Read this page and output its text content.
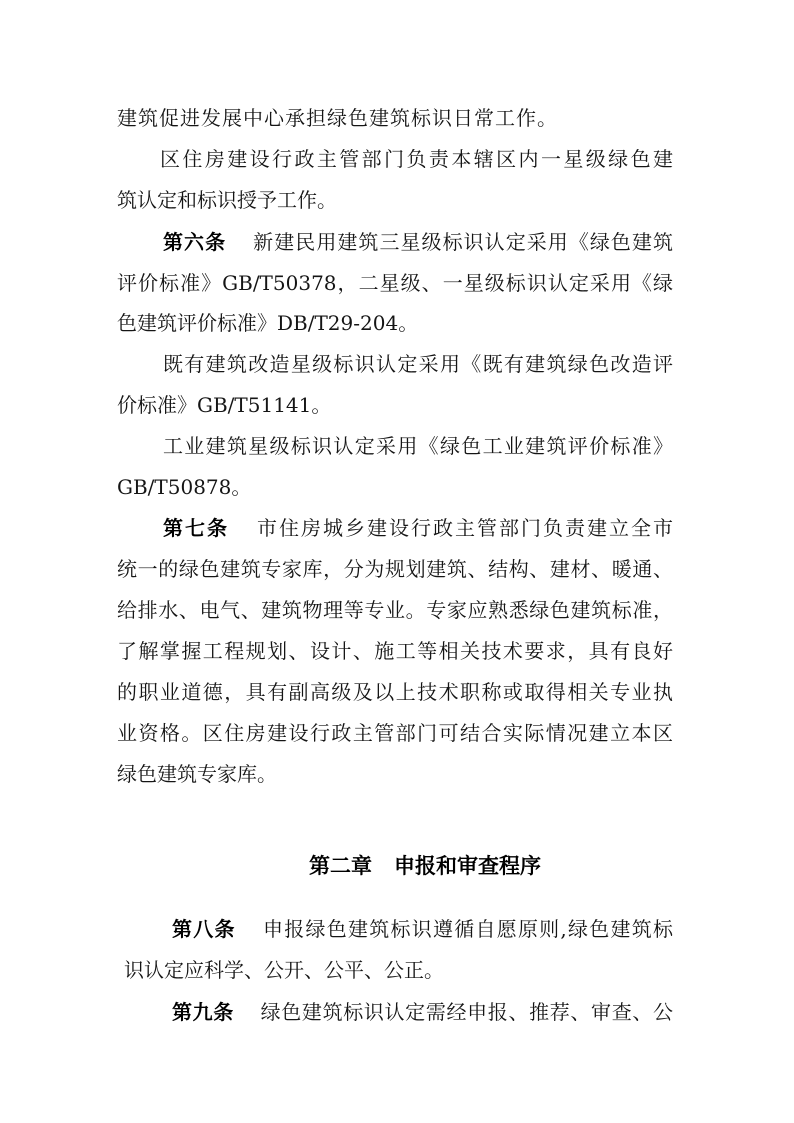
建筑促进发展中心承担绿色建筑标识日常工作。
区住房建设行政主管部门负责本辖区内一星级绿色建
筑认定和标识授予工作。
第六条 新建民用建筑三星级标识认定采用《绿色建筑
评价标准》GB/T50378，二星级、一星级标识认定采用《绿
色建筑评价标准》DB/T29-204。
既有建筑改造星级标识认定采用《既有建筑绿色改造评
价标准》GB/T51141。
工业建筑星级标识认定采用《绿色工业建筑评价标准》
GB/T50878。
第七条 市住房城乡建设行政主管部门负责建立全市
统一的绿色建筑专家库，分为规划建筑、结构、建材、暖通、
给排水、电气、建筑物理等专业。专家应熟悉绿色建筑标准，
了解掌握工程规划、设计、施工等相关技术要求，具有良好
的职业道德，具有副高级及以上技术职称或取得相关专业执
业资格。区住房建设行政主管部门可结合实际情况建立本区
绿色建筑专家库。
第二章 申报和审查程序
第八条 申报绿色建筑标识遵循自愿原则,绿色建筑标
识认定应科学、公开、公平、公正。
第九条 绿色建筑标识认定需经申报、推荐、审查、公
